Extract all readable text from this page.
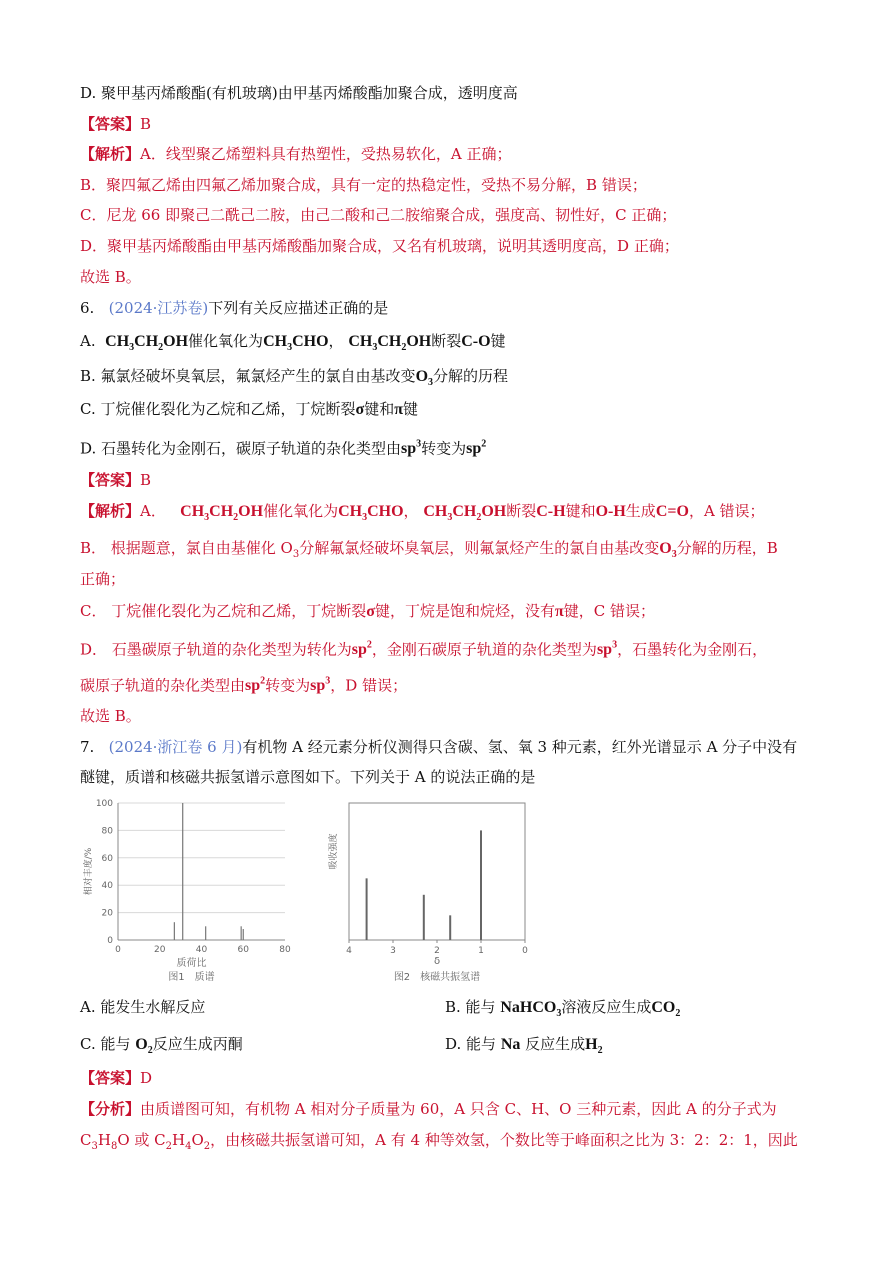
D. 聚甲基丙烯酸酯(有机玻璃)由甲基丙烯酸酯加聚合成，透明度高
【答案】B
【解析】A．线型聚乙烯塑料具有热塑性，受热易软化，A 正确；
B．聚四氟乙烯由四氟乙烯加聚合成，具有一定的热稳定性，受热不易分解，B 错误；
C．尼龙 66 即聚己二酰己二胺，由己二酸和己二胺缩聚合成，强度高、韧性好，C 正确；
D．聚甲基丙烯酸酯由甲基丙烯酸酯加聚合成，又名有机玻璃，说明其透明度高，D 正确；
故选 B。
6. (2024·江苏卷)下列有关反应描述正确的是
A. $CH_3CH_2OH$催化氧化为$CH_3CHO$， $CH_3CH_2OH$断裂C-O键
B. 氟氯烃破坏臭氧层，氟氯烃产生的氯自由基改变$O_3$分解的历程
C. 丁烷催化裂化为乙烷和乙烯，丁烷断裂σ键和π键
D. 石墨转化为金刚石，碳原子轨道的杂化类型由$sp^3$转变为$sp^2$
【答案】B
【解析】A． $CH_3CH_2OH$催化氧化为$CH_3CHO$， $CH_3CH_2OH$断裂C-H键和O-H生成C=O，A 错误；
B． 根据题意，氯自由基催化 $O_3$分解氟氯烃破坏臭氧层，则氟氯烃产生的氯自由基改变$O_3$分解的历程，B
正确；
C． 丁烷催化裂化为乙烷和乙烯，丁烷断裂σ键，丁烷是饱和烷烃，没有π键，C 错误；
D． 石墨碳原子轨道的杂化类型为转化为$sp^2$，金刚石碳原子轨道的杂化类型为$sp^3$，石墨转化为金刚石，
碳原子轨道的杂化类型由$sp^2$转变为$sp^3$，D 错误；
故选 B。
7. (2024·浙江卷 6 月)有机物 A 经元素分析仪测得只含碳、氢、氧 3 种元素，红外光谱显示 A 分子中没有
醚键，质谱和核磁共振氢谱示意图如下。下列关于 A 的说法正确的是
0
20
40
60
80
100
0	20	40	60	80
质荷比
图1　质谱
相对丰度/%
4	3	2	1	0
δ
图2　核磁共振氢谱
吸收强度
A. 能发生水解反应	B. 能与 NaHCO$_3$溶液反应生成$CO_2$
C. 能与 $O_2$反应生成丙酮	D. 能与 Na 反应生成$H_2$
【答案】D
【分析】由质谱图可知，有机物 A 相对分子质量为 60，A 只含 C、H、O 三种元素，因此 A 的分子式为
$C_3H_8O$ 或 $C_2H_4O_2$，由核磁共振氢谱可知，A 有 4 种等效氢，个数比等于峰面积之比为 3：2：2：1，因此
